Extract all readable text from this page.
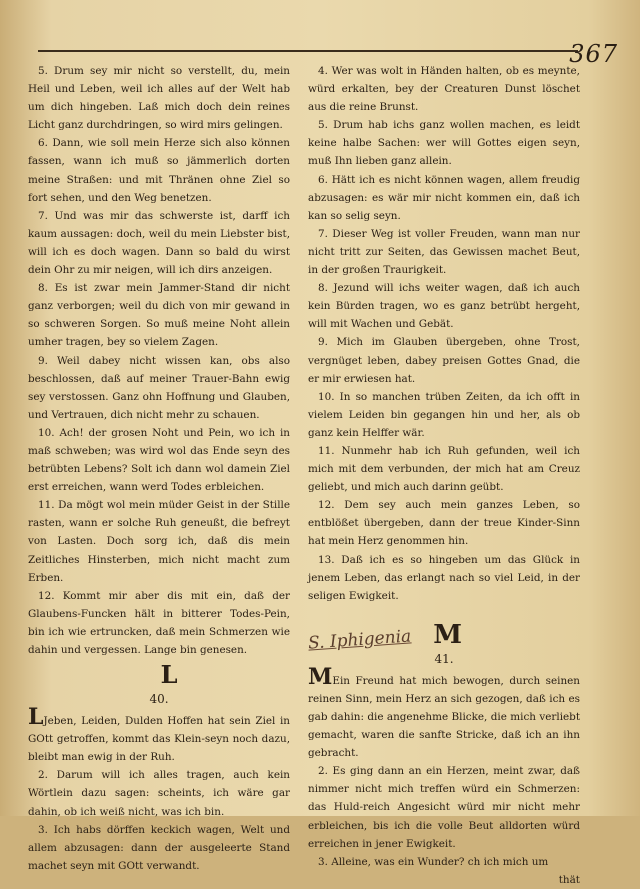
367

5. Drum sey mir nicht so verstellt, du, mein Heil und Leben, weil ich alles auf der Welt hab um dich hingeben. Laß mich doch dein reines Licht ganz durchdringen, so wird mirs gelingen.

6. Dann, wie soll mein Herze sich also können fassen, wann ich muß so jämmerlich dorten meine Straßen: und mit Thränen ohne Ziel so fort sehen, und den Weg benetzen.

7. Und was mir das schwerste ist, darff ich kaum aussagen: doch, weil du mein Liebster bist, will ich es doch wagen. Dann so bald du wirst dein Ohr zu mir neigen, will ich dirs anzeigen.

8. Es ist zwar mein Jammer-Stand dir nicht ganz verborgen; weil du dich von mir gewand in so schweren Sorgen. So muß meine Noht allein umher tragen, bey so vielem Zagen.

9. Weil dabey nicht wissen kan, obs also beschlossen, daß auf meiner Trauer-Bahn ewig sey verstossen. Ganz ohn Hoffnung und Glauben, und Vertrauen, dich nicht mehr zu schauen.

10. Ach! der grosen Noht und Pein, wo ich in maß schweben; was wird wol das Ende seyn des betrübten Lebens? Solt ich dann wol damein Ziel erst erreichen, wann werd Todes erbleichen.

11. Da mögt wol mein müder Geist in der Stille rasten, wann er solche Ruh geneußt, die befreyt von Lasten. Doch sorg ich, daß dis mein Zeitliches Hinsterben, mich nicht macht zum Erben.

12. Kommt mir aber dis mit ein, daß der Glaubens-Funcken hält in bitterer Todes-Pein, bin ich wie ertruncken, daß mein Schmerzen wie dahin und vergessen. Lange bin genesen.

L
40.

LJeben, Leiden, Dulden Hoffen hat sein Ziel in GOtt getroffen, kommt das Klein-seyn noch dazu, bleibt man ewig in der Ruh.

2. Darum will ich alles tragen, auch kein Wörtlein dazu sagen: scheints, ich wäre gar dahin, ob ich weiß nicht, was ich bin.

3. Ich habs dörffen keckich wagen, Welt und allem abzusagen: dann der ausgeleerte Stand machet seyn mit GOtt verwandt.

4. Wer was wolt in Händen halten, ob es meynte, würd erkalten, bey der Creaturen Dunst löschet aus die reine Brunst.

5. Drum hab ichs ganz wollen machen, es leidt keine halbe Sachen: wer will Gottes eigen seyn, muß Ihn lieben ganz allein.

6. Hätt ich es nicht können wagen, allem freudig abzusagen: es wär mir nicht kommen ein, daß ich kan so selig seyn.

7. Dieser Weg ist voller Freuden, wann man nur nicht tritt zur Seiten, das Gewissen machet Beut, in der großen Traurigkeit.

8. Jezund will ichs weiter wagen, daß ich auch kein Bürden tragen, wo es ganz betrübt hergeht, will mit Wachen und Gebät.

9. Mich im Glauben übergeben, ohne Trost, vergnüget leben, dabey preisen Gottes Gnad, die er mir erwiesen hat.

10. In so manchen trüben Zeiten, da ich offt in vielem Leiden bin gegangen hin und her, als ob ganz kein Helffer wär.

11. Nunmehr hab ich Ruh gefunden, weil ich mich mit dem verbunden, der mich hat am Creuz geliebt, und mich auch darinn geübt.

12. Dem sey auch mein ganzes Leben, so entblößet übergeben, dann der treue Kinder-Sinn hat mein Herz genommen hin.

13. Daß ich es so hingeben um das Glück in jenem Leben, das erlangt nach so viel Leid, in der seligen Ewigkeit.

S. Iphigenia M
41.

MEin Freund hat mich bewogen, durch seinen reinen Sinn, mein Herz an sich gezogen, daß ich es gab dahin: die angenehme Blicke, die mich verliebt gemacht, waren die sanfte Stricke, daß ich an ihn gebracht.

2. Es ging dann an ein Herzen, meint zwar, daß nimmer nicht mich treffen würd ein Schmerzen: das Huld-reich Angesicht würd mir nicht mehr erbleichen, bis ich die volle Beut alldorten würd erreichen in jener Ewigkeit.

3. Alleine, was ein Wunder? ch ich mich um

thät
